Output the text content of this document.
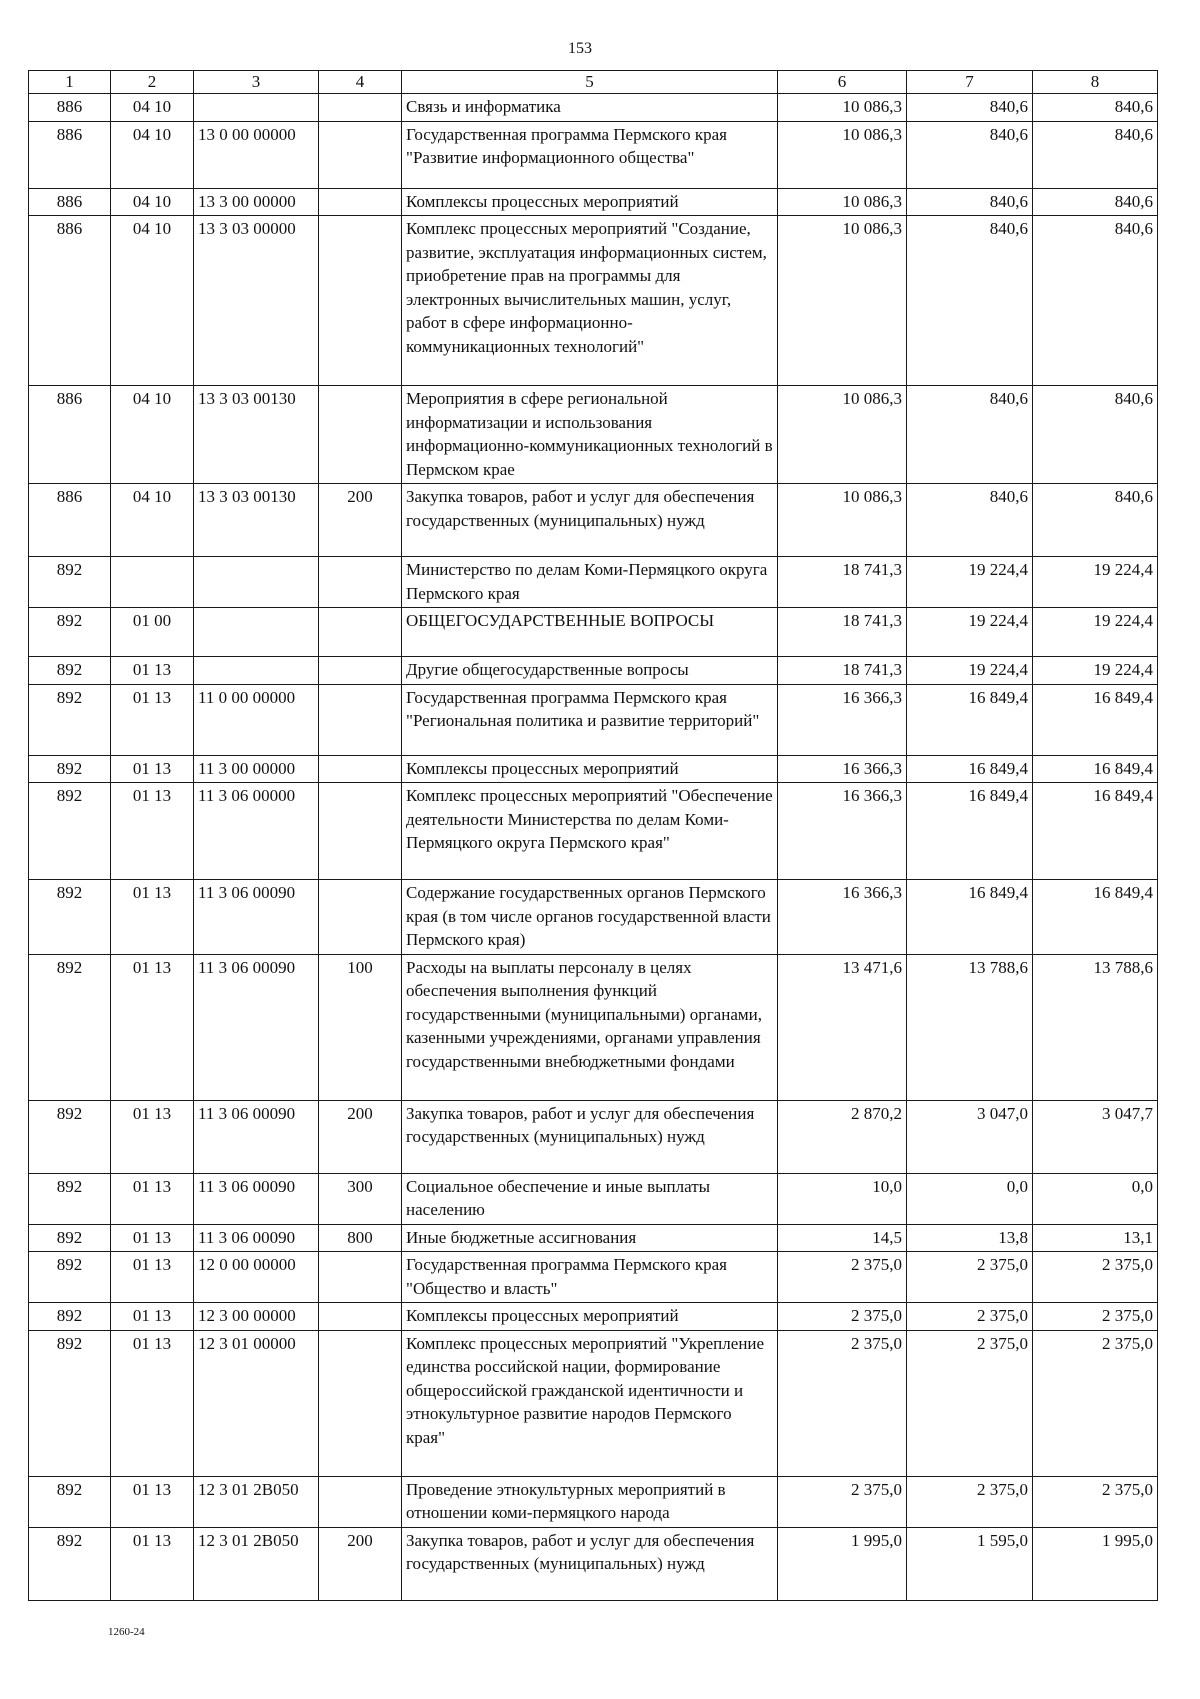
153
1	2	3	4	5	6	7	8
886	04 10			Связь и информатика	10 086,3	840,6	840,6
886	04 10	13 0 00 00000		Государственная программа Пермского края "Развитие информационного общества"	10 086,3	840,6	840,6
886	04 10	13 3 00 00000		Комплексы процессных мероприятий	10 086,3	840,6	840,6
886	04 10	13 3 03 00000		Комплекс процессных мероприятий "Создание, развитие, эксплуатация информационных систем, приобретение прав на программы для электронных вычислительных машин, услуг, работ в сфере информационно-коммуникационных технологий"	10 086,3	840,6	840,6
886	04 10	13 3 03 00130		Мероприятия в сфере региональной информатизации и использования информационно-коммуникационных технологий в Пермском крае	10 086,3	840,6	840,6
886	04 10	13 3 03 00130	200	Закупка товаров, работ и услуг для обеспечения государственных (муниципальных) нужд	10 086,3	840,6	840,6
892				Министерство по делам Коми-Пермяцкого округа Пермского края	18 741,3	19 224,4	19 224,4
892	01 00			ОБЩЕГОСУДАРСТВЕННЫЕ ВОПРОСЫ	18 741,3	19 224,4	19 224,4
892	01 13			Другие общегосударственные вопросы	18 741,3	19 224,4	19 224,4
892	01 13	11 0 00 00000		Государственная программа Пермского края "Региональная политика и развитие территорий"	16 366,3	16 849,4	16 849,4
892	01 13	11 3 00 00000		Комплексы процессных мероприятий	16 366,3	16 849,4	16 849,4
892	01 13	11 3 06 00000		Комплекс процессных мероприятий "Обеспечение деятельности Министерства по делам Коми-Пермяцкого округа Пермского края"	16 366,3	16 849,4	16 849,4
892	01 13	11 3 06 00090		Содержание государственных органов Пермского края (в том числе органов государственной власти Пермского края)	16 366,3	16 849,4	16 849,4
892	01 13	11 3 06 00090	100	Расходы на выплаты персоналу в целях обеспечения выполнения функций государственными (муниципальными) органами, казенными учреждениями, органами управления государственными внебюджетными фондами	13 471,6	13 788,6	13 788,6
892	01 13	11 3 06 00090	200	Закупка товаров, работ и услуг для обеспечения государственных (муниципальных) нужд	2 870,2	3 047,0	3 047,7
892	01 13	11 3 06 00090	300	Социальное обеспечение и иные выплаты населению	10,0	0,0	0,0
892	01 13	11 3 06 00090	800	Иные бюджетные ассигнования	14,5	13,8	13,1
892	01 13	12 0 00 00000		Государственная программа Пермского края "Общество и власть"	2 375,0	2 375,0	2 375,0
892	01 13	12 3 00 00000		Комплексы процессных мероприятий	2 375,0	2 375,0	2 375,0
892	01 13	12 3 01 00000		Комплекс процессных мероприятий "Укрепление единства российской нации, формирование общероссийской гражданской идентичности и этнокультурное развитие народов Пермского края"	2 375,0	2 375,0	2 375,0
892	01 13	12 3 01 2B050		Проведение этнокультурных мероприятий в отношении коми-пермяцкого народа	2 375,0	2 375,0	2 375,0
892	01 13	12 3 01 2B050	200	Закупка товаров, работ и услуг для обеспечения государственных (муниципальных) нужд	1 995,0	1 595,0	1 995,0
1260-24
